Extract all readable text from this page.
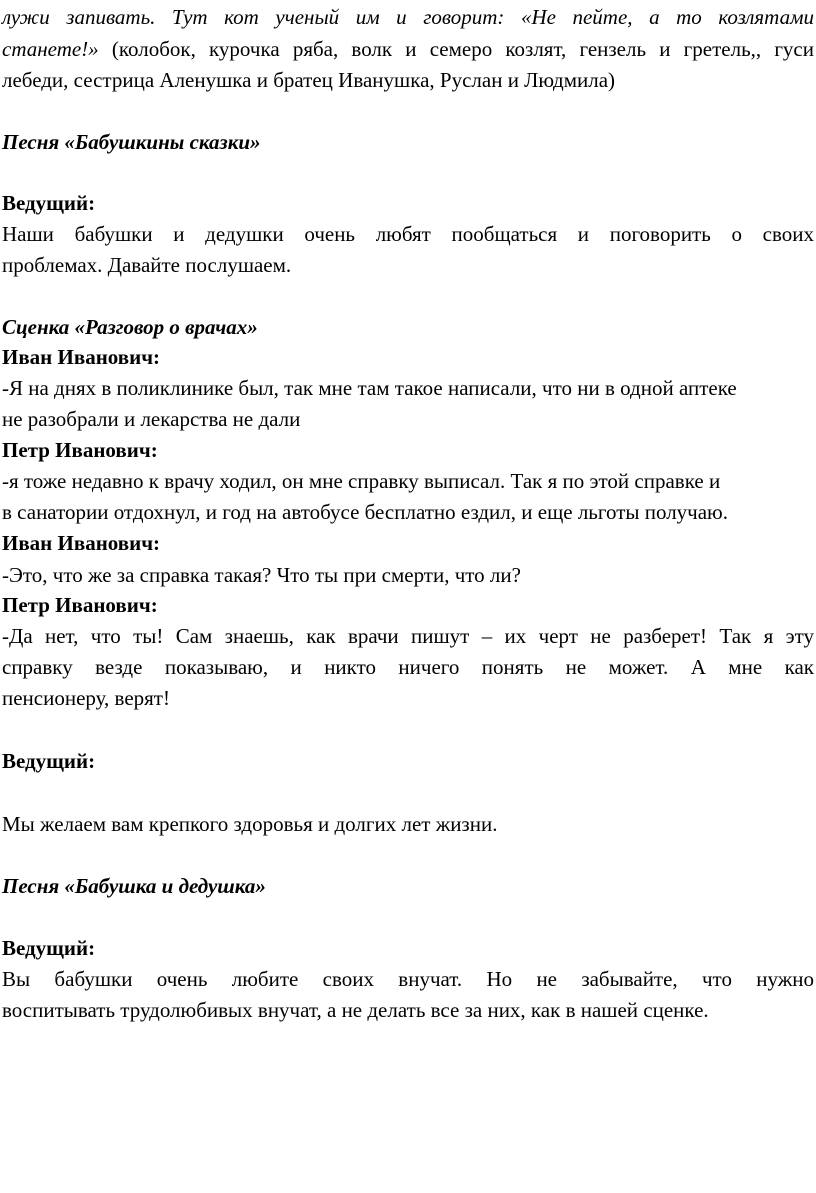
лужи запивать. Тут кот ученый им и говорит: «Не пейте, а то козлятами
станете!» (колобок, курочка ряба, волк и семеро козлят, гензель и гретель,, гуси
лебеди, сестрица Аленушка и братец Иванушка, Руслан и Людмила)
Песня «Бабушкины сказки»
Ведущий:
Наши бабушки и дедушки очень любят пообщаться и поговорить о своих
проблемах. Давайте послушаем.
Сценка «Разговор о врачах»
Иван Иванович:
-Я на днях в поликлинике был, так мне там такое написали, что ни в одной аптеке
не разобрали и лекарства не дали
Петр Иванович:
-я тоже недавно к врачу ходил, он мне справку выписал. Так я по этой справке и
в санатории отдохнул, и год на автобусе бесплатно ездил, и еще льготы получаю.
Иван Иванович:
-Это, что же за справка такая? Что ты при смерти, что ли?
Петр Иванович:
-Да нет, что ты! Сам знаешь, как врачи пишут – их черт не разберет! Так я эту
справку везде показываю, и никто ничего понять не может. А мне как
пенсионеру, верят!
Ведущий:
Мы желаем вам крепкого здоровья и долгих лет жизни.
Песня «Бабушка и дедушка»
Ведущий:
Вы бабушки очень любите своих внучат. Но не забывайте, что нужно
воспитывать трудолюбивых внучат, а не делать все за них, как в нашей сценке.
